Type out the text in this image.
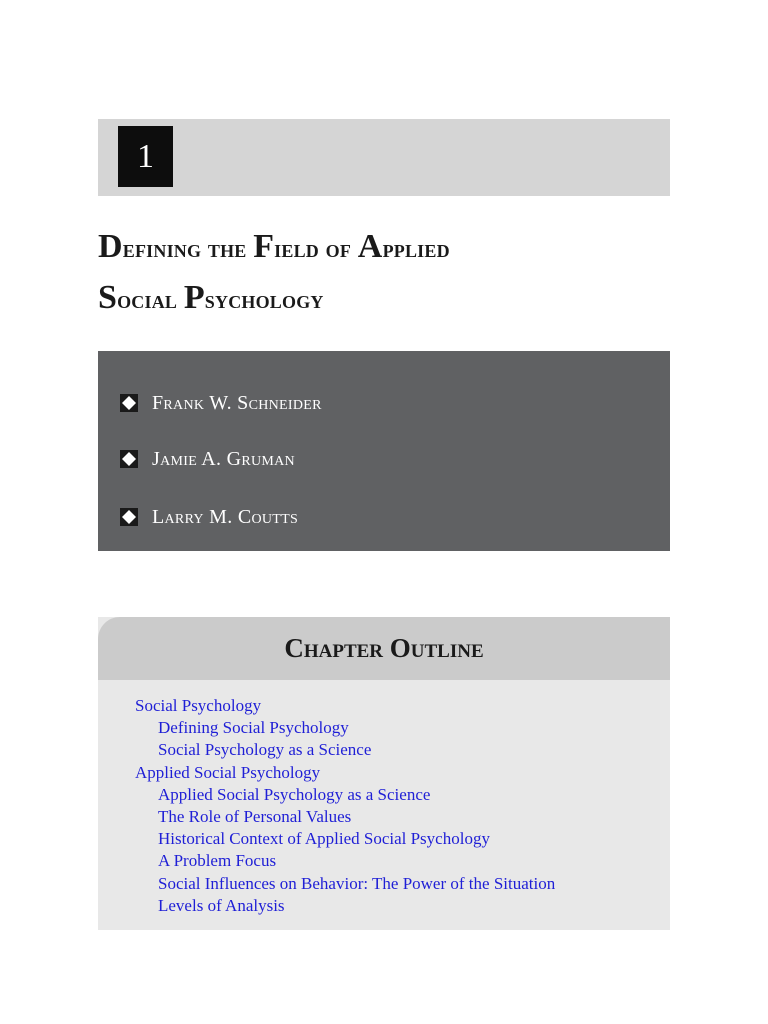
1
Defining the Field of Applied
Social Psychology
Frank W. Schneider
Jamie A. Gruman
Larry M. Coutts
Chapter Outline
Social Psychology
Defining Social Psychology
Social Psychology as a Science
Applied Social Psychology
Applied Social Psychology as a Science
The Role of Personal Values
Historical Context of Applied Social Psychology
A Problem Focus
Social Influences on Behavior: The Power of the Situation
Levels of Analysis
